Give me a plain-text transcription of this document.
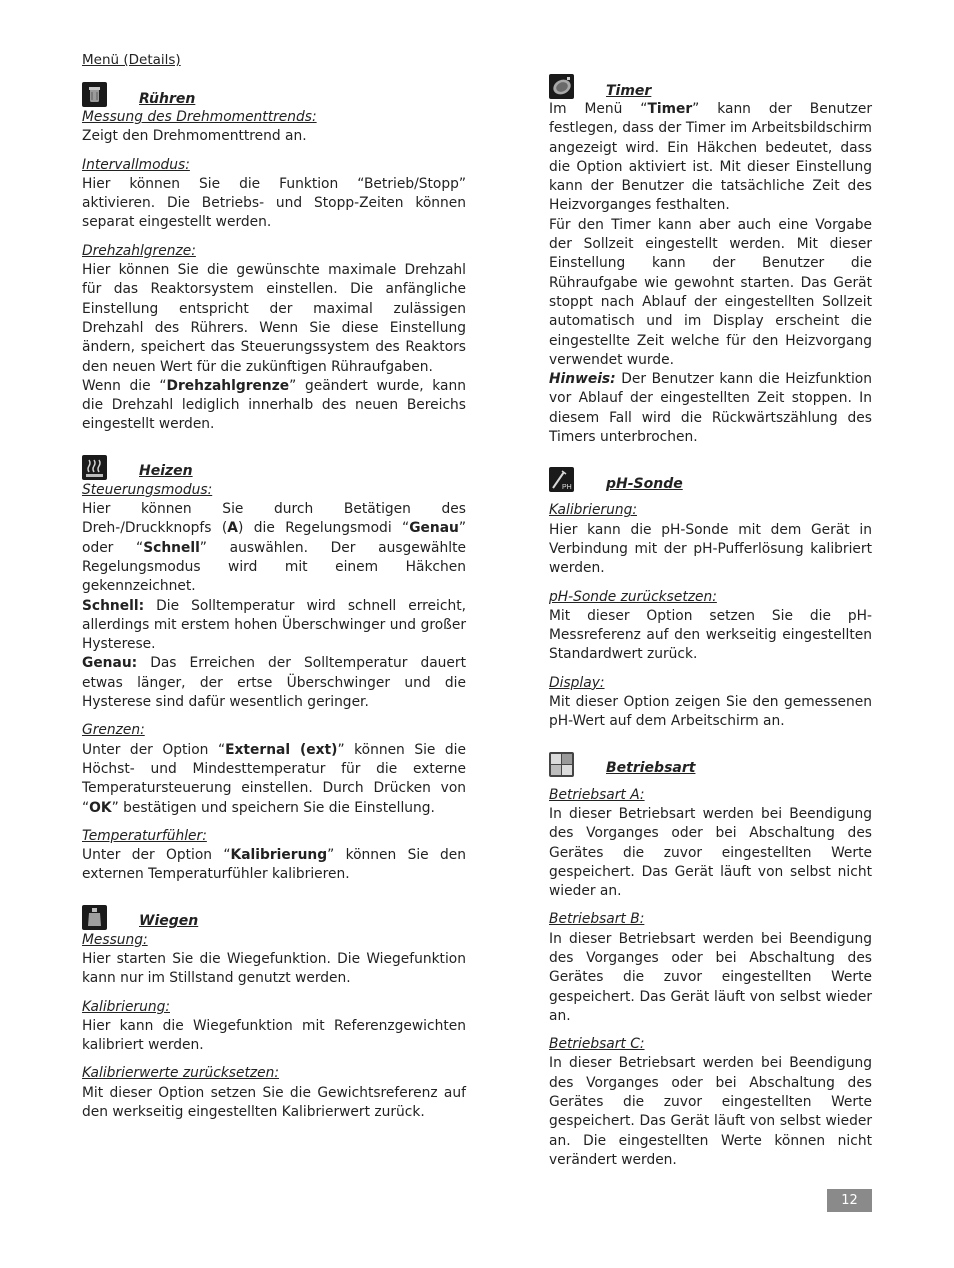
Menü (Details)
Rühren
Messung des Drehmomenttrends:

Zeigt den Drehmomenttrend an.

Intervallmodus:

Hier können Sie die Funktion “Betrieb/Stopp” aktivieren. Die Betriebs- und Stopp-Zeiten können separat eingestellt werden.

Drehzahlgrenze:

Hier können Sie die gewünschte maximale Drehzahl für das Reaktorsystem einstellen. Die anfängliche Einstellung entspricht der maximal zulässigen Drehzahl des Rührers. Wenn Sie diese Einstellung ändern, speichert das Steuerungssystem des Reaktors den neuen Wert für die zukünftigen Rühraufgaben.

Wenn die “Drehzahlgrenze” geändert wurde, kann die Drehzahl lediglich innerhalb des neuen Bereichs eingestellt werden.

Heizen
Steuerungsmodus:

Hier können Sie durch Betätigen des Dreh-/Druckknopfs (A) die Regelungsmodi “Genau” oder “Schnell” auswählen. Der ausgewählte Regelungsmodus wird mit einem Häkchen gekennzeichnet.

Schnell: Die Solltemperatur wird schnell erreicht, allerdings mit erstem hohen Überschwinger und großer Hysterese.

Genau: Das Erreichen der Solltemperatur dauert etwas länger, der ertse Überschwinger und die Hysterese sind dafür wesentlich geringer.

Grenzen:

Unter der Option “External (ext)” können Sie die Höchst- und Mindesttemperatur für die externe Temperatursteuerung einstellen. Durch Drücken von “OK” bestätigen und speichern Sie die Einstellung.

Temperaturfühler:

Unter der Option “Kalibrierung” können Sie den externen Temperaturfühler kalibrieren.

Wiegen
Messung:

Hier starten Sie die Wiegefunktion. Die Wiegefunktion kann nur im Stillstand genutzt werden.

Kalibrierung:

Hier kann die Wiegefunktion mit Referenzgewichten kalibriert werden.

Kalibrierwerte zurücksetzen:

Mit dieser Option setzen Sie die Gewichtsreferenz auf den werkseitig eingestellten Kalibrierwert zurück.

Timer

Im Menü “Timer” kann der Benutzer festlegen, dass der Timer im Arbeitsbildschirm angezeigt wird. Ein Häkchen bedeutet, dass die Option aktiviert ist. Mit dieser Einstellung kann der Benutzer die tatsächliche Zeit des Heizvorganges festhalten.

Für den Timer kann aber auch eine Vorgabe der Sollzeit eingestellt werden. Mit dieser Einstellung kann der Benutzer die Rühraufgabe wie gewohnt starten. Das Gerät stoppt nach Ablauf der eingestellten Sollzeit automatisch und im Display erscheint die eingestellte Zeit welche für den Heizvorgang verwendet wurde.

Hinweis: Der Benutzer kann die Heizfunktion vor Ablauf der eingestellten Zeit stoppen. In diesem Fall wird die Rückwärtszählung des Timers unterbrochen.

PH pH-Sonde
Kalibrierung:

Hier kann die pH-Sonde mit dem Gerät in Verbindung mit der pH-Pufferlösung kalibriert werden.

pH-Sonde zurücksetzen:

Mit dieser Option setzen Sie die pH-Messreferenz auf den werkseitig eingestellten Standardwert zurück.

Display:

Mit dieser Option zeigen Sie den gemessenen pH-Wert auf dem Arbeitschirm an.

Betriebsart
Betriebsart A:

In dieser Betriebsart werden bei Beendigung des Vorganges oder bei Abschaltung des Gerätes die zuvor eingestellten Werte gespeichert. Das Gerät läuft von selbst nicht wieder an.

Betriebsart B:

In dieser Betriebsart werden bei Beendigung des Vorganges oder bei Abschaltung des Gerätes die zuvor eingestellten Werte gespeichert. Das Gerät läuft von selbst wieder an.

Betriebsart C:

In dieser Betriebsart werden bei Beendigung des Vorganges oder bei Abschaltung des Gerätes die zuvor eingestellten Werte gespeichert. Das Gerät läuft von selbst wieder an. Die eingestellten Werte können nicht verändert werden.

12
